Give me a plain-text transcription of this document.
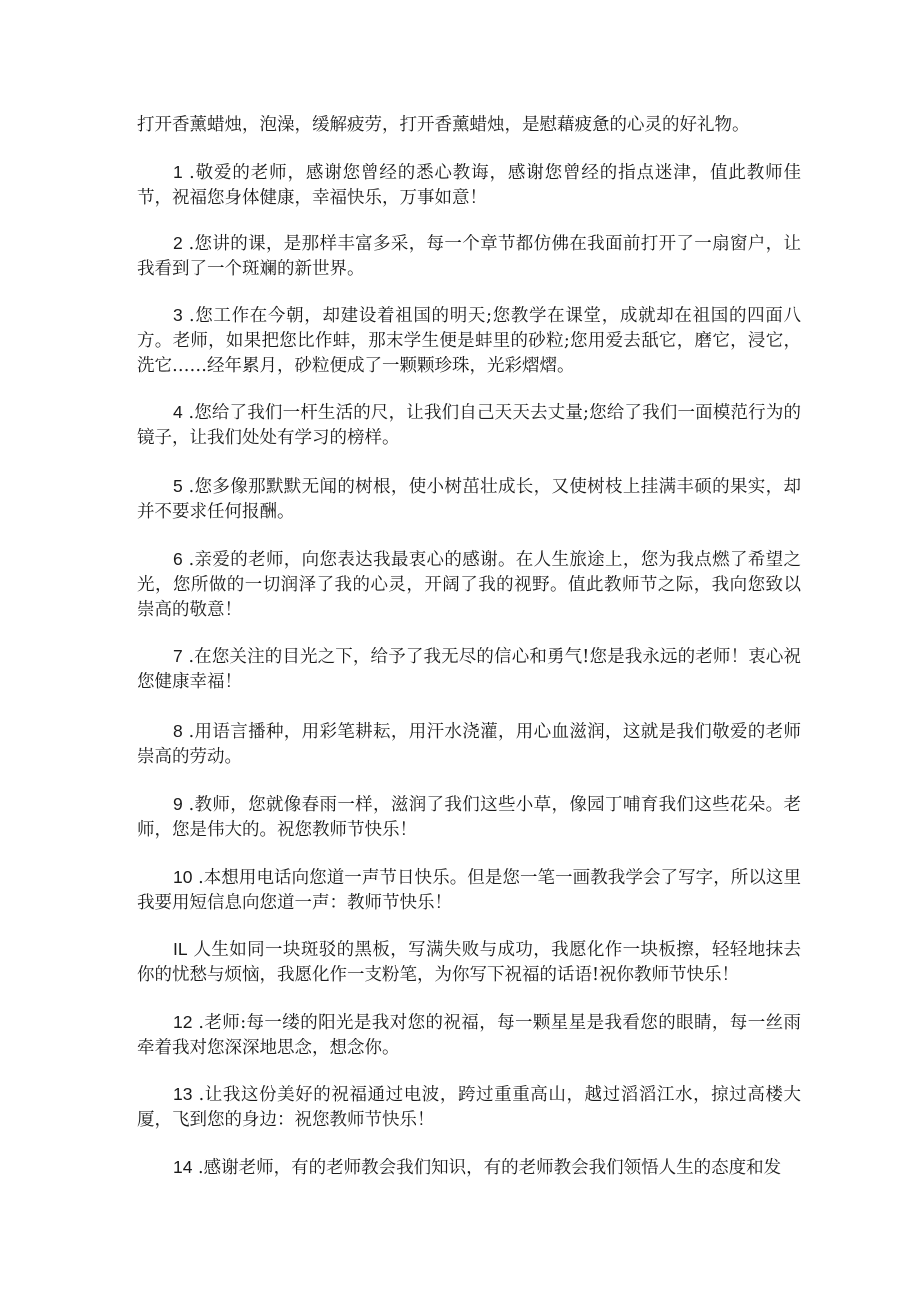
打开香薰蜡烛，泡澡，缓解疲劳，打开香薰蜡烛，是慰藉疲惫的心灵的好礼物。

1 .敬爱的老师，感谢您曾经的悉心教诲，感谢您曾经的指点迷津，值此教师佳节，祝福您身体健康，幸福快乐，万事如意！

2 .您讲的课，是那样丰富多采，每一个章节都仿佛在我面前打开了一扇窗户，让我看到了一个斑斓的新世界。

3 .您工作在今朝，却建设着祖国的明天;您教学在课堂，成就却在祖国的四面八方。老师，如果把您比作蚌，那末学生便是蚌里的砂粒;您用爱去舐它，磨它，浸它，洗它……经年累月，砂粒便成了一颗颗珍珠，光彩熠熠。

4 .您给了我们一杆生活的尺，让我们自己天天去丈量;您给了我们一面模范行为的镜子，让我们处处有学习的榜样。

5 .您多像那默默无闻的树根，使小树茁壮成长，又使树枝上挂满丰硕的果实，却并不要求任何报酬。

6 .亲爱的老师，向您表达我最衷心的感谢。在人生旅途上，您为我点燃了希望之光，您所做的一切润泽了我的心灵，开阔了我的视野。值此教师节之际，我向您致以崇高的敬意！

7 .在您关注的目光之下，给予了我无尽的信心和勇气!您是我永远的老师！衷心祝您健康幸福！

8 .用语言播种，用彩笔耕耘，用汗水浇灌，用心血滋润，这就是我们敬爱的老师崇高的劳动。

9 .教师，您就像春雨一样，滋润了我们这些小草，像园丁哺育我们这些花朵。老师，您是伟大的。祝您教师节快乐！

10 .本想用电话向您道一声节日快乐。但是您一笔一画教我学会了写字，所以这里我要用短信息向您道一声：教师节快乐！

IL 人生如同一块斑驳的黑板，写满失败与成功，我愿化作一块板擦，轻轻地抹去你的忧愁与烦恼，我愿化作一支粉笔，为你写下祝福的话语!祝你教师节快乐！

12 .老师:每一缕的阳光是我对您的祝福，每一颗星星是我看您的眼睛，每一丝雨牵着我对您深深地思念，想念你。

13 .让我这份美好的祝福通过电波，跨过重重高山，越过滔滔江水，掠过高楼大厦，飞到您的身边：祝您教师节快乐！

14 .感谢老师，有的老师教会我们知识，有的老师教会我们领悟人生的态度和发
